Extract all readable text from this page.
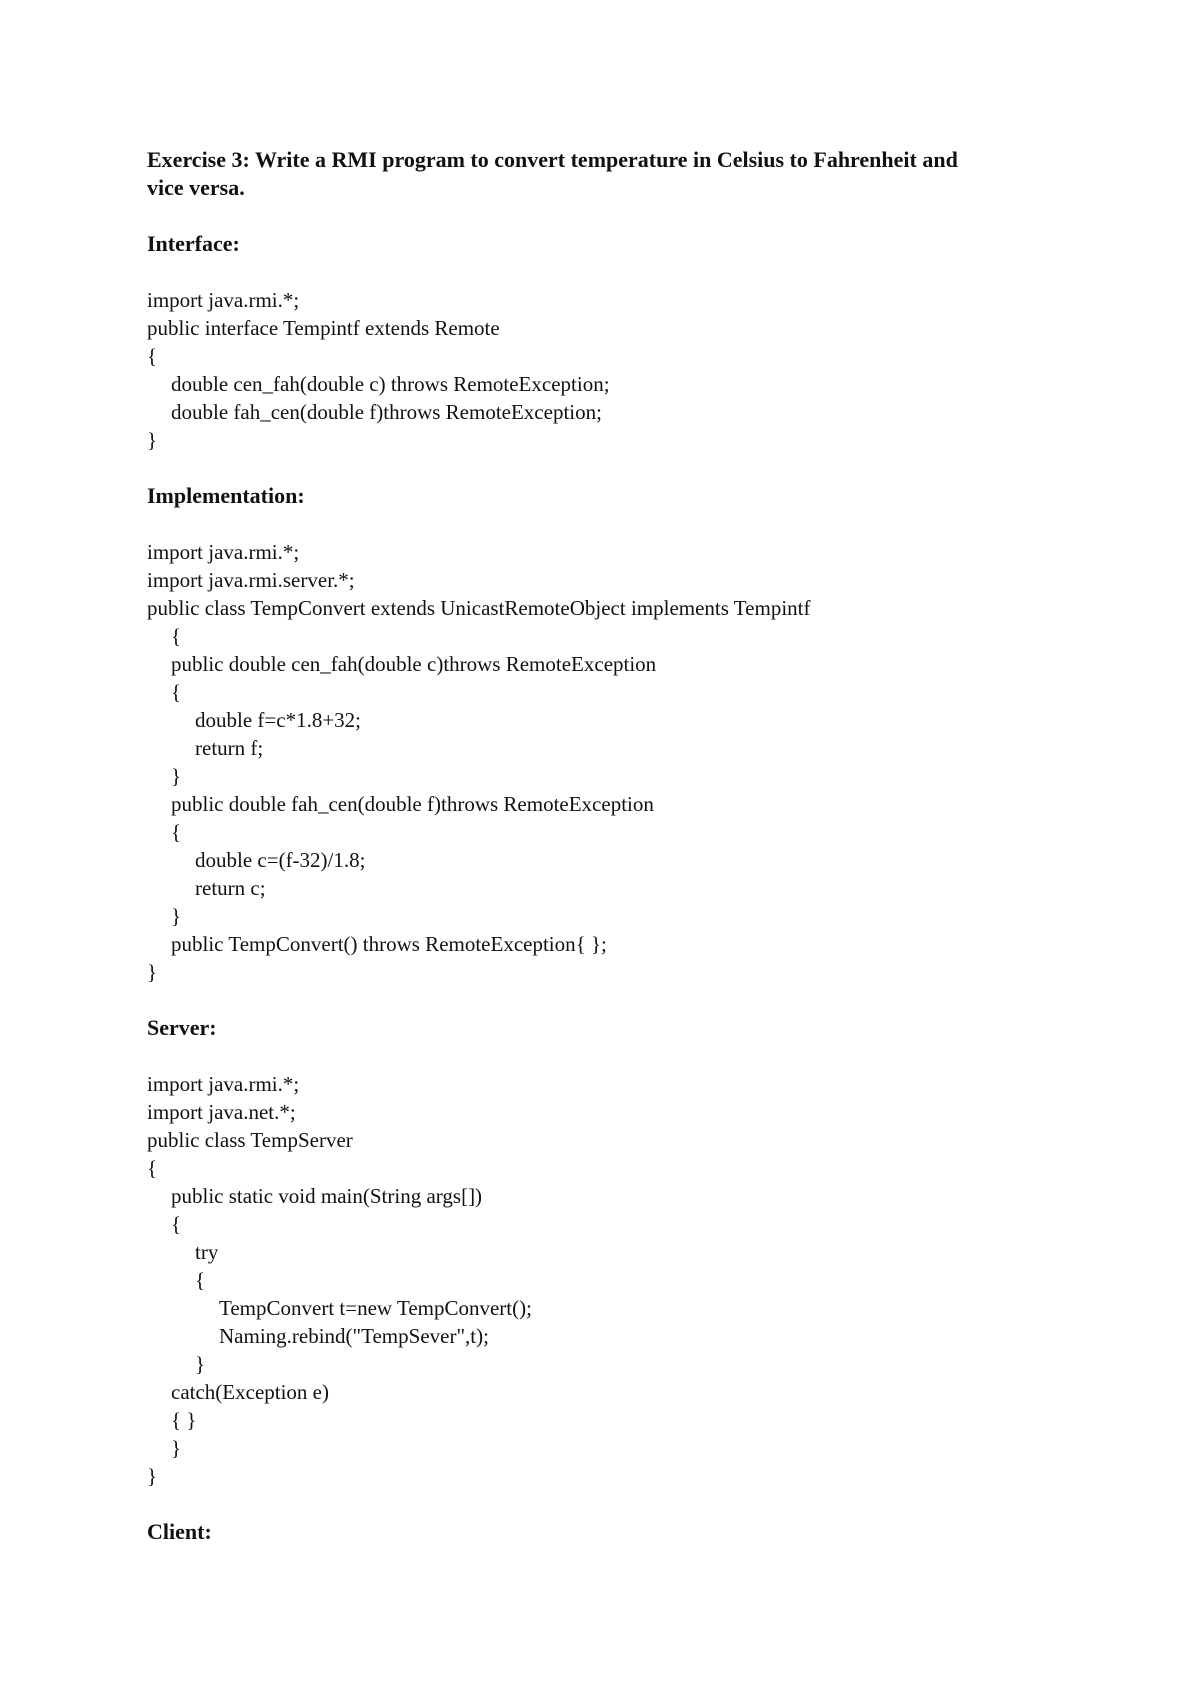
Exercise 3: Write a RMI program to convert temperature in Celsius to Fahrenheit and
vice versa.

Interface:

import java.rmi.*;
public interface Tempintf extends Remote
{
double cen_fah(double c) throws RemoteException;
double fah_cen(double f)throws RemoteException;
}

Implementation:

import java.rmi.*;
import java.rmi.server.*;
public class TempConvert extends UnicastRemoteObject implements Tempintf
{
public double cen_fah(double c)throws RemoteException
{
double f=c*1.8+32;
return f;
}
public double fah_cen(double f)throws RemoteException
{
double c=(f-32)/1.8;
return c;
}
public TempConvert() throws RemoteException{ };
}

Server:

import java.rmi.*;
import java.net.*;
public class TempServer
{
public static void main(String args[])
{
try
{
TempConvert t=new TempConvert();
Naming.rebind("TempSever",t);
}
catch(Exception e)
{ }
}
}

Client:
